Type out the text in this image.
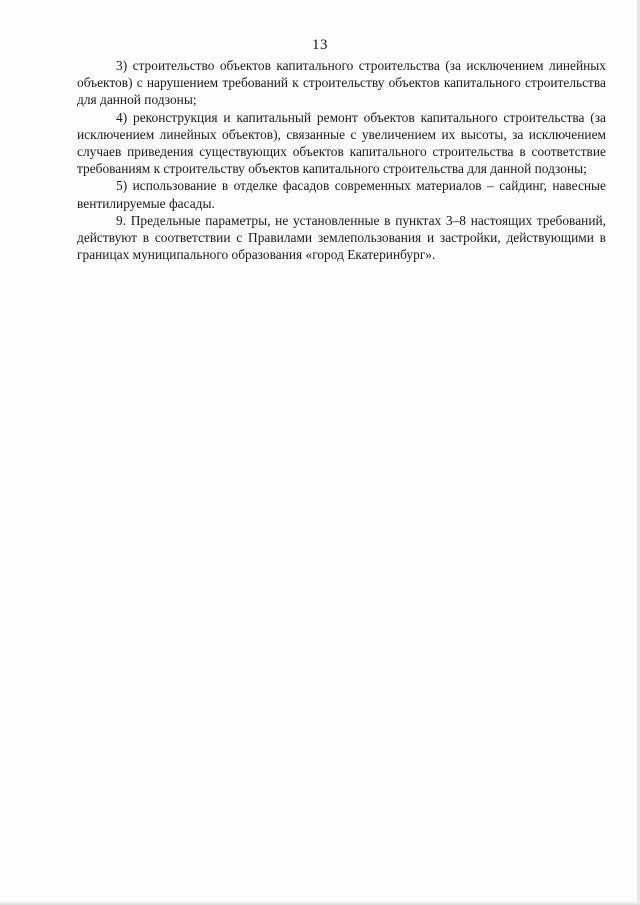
13

3) строительство объектов капитального строительства (за исключением линейных объектов) с нарушением требований к строительству объектов капитального строительства для данной подзоны;

4) реконструкция и капитальный ремонт объектов капитального строительства (за исключением линейных объектов), связанные с увеличением их высоты, за исключением случаев приведения существующих объектов капитального строительства в соответствие требованиям к строительству объектов капитального строительства для данной подзоны;

5) использование в отделке фасадов современных материалов – сайдинг, навесные вентилируемые фасады.

9. Предельные параметры, не установленные в пунктах 3–8 настоящих требований, действуют в соответствии с Правилами землепользования и застройки, действующими в границах муниципального образования «город Екатеринбург».
